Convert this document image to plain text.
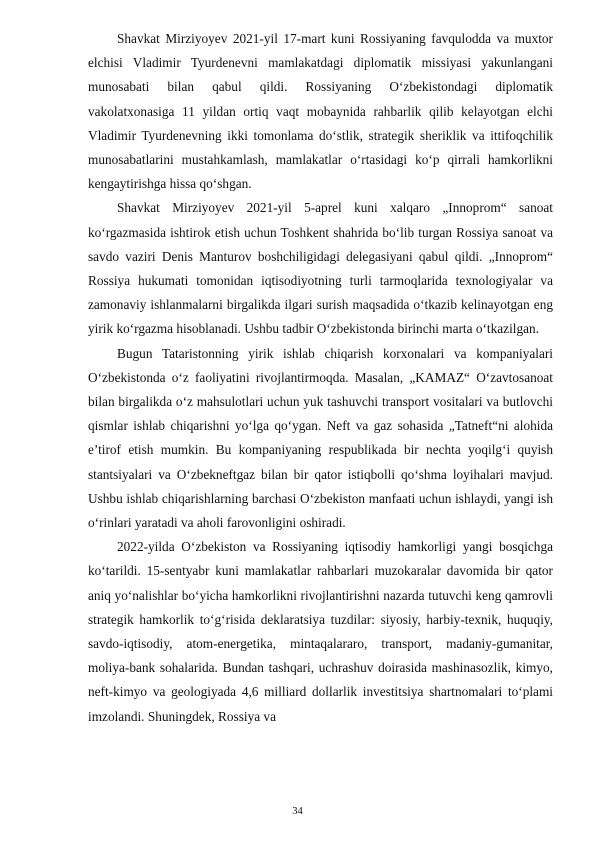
Shavkat Mirziyoyev 2021-yil 17-mart kuni Rossiyaning favqulodda va muxtor elchisi Vladimir Tyurdenevni mamlakatdagi diplomatik missiyasi yakunlangani munosabati bilan qabul qildi. Rossiyaning O‘zbekistondagi diplomatik vakolatxonasiga 11 yildan ortiq vaqt mobaynida rahbarlik qilib kelayotgan elchi Vladimir Tyurdenevning ikki tomonlama do‘stlik, strategik sheriklik va ittifoqchilik munosabatlarini mustahkamlash, mamlakatlar o‘rtasidagi ko‘p qirrali hamkorlikni kengaytirishga hissa qo‘shgan.

Shavkat Mirziyoyev 2021-yil 5-aprel kuni xalqaro „Innoprom“ sanoat ko‘rgazmasida ishtirok etish uchun Toshkent shahrida bo‘lib turgan Rossiya sanoat va savdo vaziri Denis Manturov boshchiligidagi delegasiyani qabul qildi. „Innoprom“ Rossiya hukumati tomonidan iqtisodiyotning turli tarmoqlarida texnologiyalar va zamonaviy ishlanmalarni birgalikda ilgari surish maqsadida o‘tkazib kelinayotgan eng yirik ko‘rgazma hisoblanadi. Ushbu tadbir O‘zbekistonda birinchi marta o‘tkazilgan.

Bugun Tataristonning yirik ishlab chiqarish korxonalari va kompaniyalari O‘zbekistonda o‘z faoliyatini rivojlantirmoqda. Masalan, „KAMAZ“ O‘zavtosanoat bilan birgalikda o‘z mahsulotlari uchun yuk tashuvchi transport vositalari va butlovchi qismlar ishlab chiqarishni yo‘lga qo‘ygan. Neft va gaz sohasida „Tatneft“ni alohida e’tirof etish mumkin. Bu kompaniyaning respublikada bir nechta yoqilg‘i quyish stantsiyalari va O‘zbekneftgaz bilan bir qator istiqbolli qo‘shma loyihalari mavjud. Ushbu ishlab chiqarishlarning barchasi O‘zbekiston manfaati uchun ishlaydi, yangi ish o‘rinlari yaratadi va aholi farovonligini oshiradi.

2022-yilda O‘zbekiston va Rossiyaning iqtisodiy hamkorligi yangi bosqichga ko‘tarildi. 15-sentyabr kuni mamlakatlar rahbarlari muzokaralar davomida bir qator aniq yo‘nalishlar bo‘yicha hamkorlikni rivojlantirishni nazarda tutuvchi keng qamrovli strategik hamkorlik to‘g‘risida deklaratsiya tuzdilar: siyosiy, harbiy-texnik, huquqiy, savdo-iqtisodiy, atom-energetika, mintaqalararo, transport, madaniy-gumanitar, moliya-bank sohalarida. Bundan tashqari, uchrashuv doirasida mashinasozlik, kimyo, neft-kimyo va geologiyada 4,6 milliard dollarlik investitsiya shartnomalari to‘plami imzolandi. Shuningdek, Rossiya va

34
